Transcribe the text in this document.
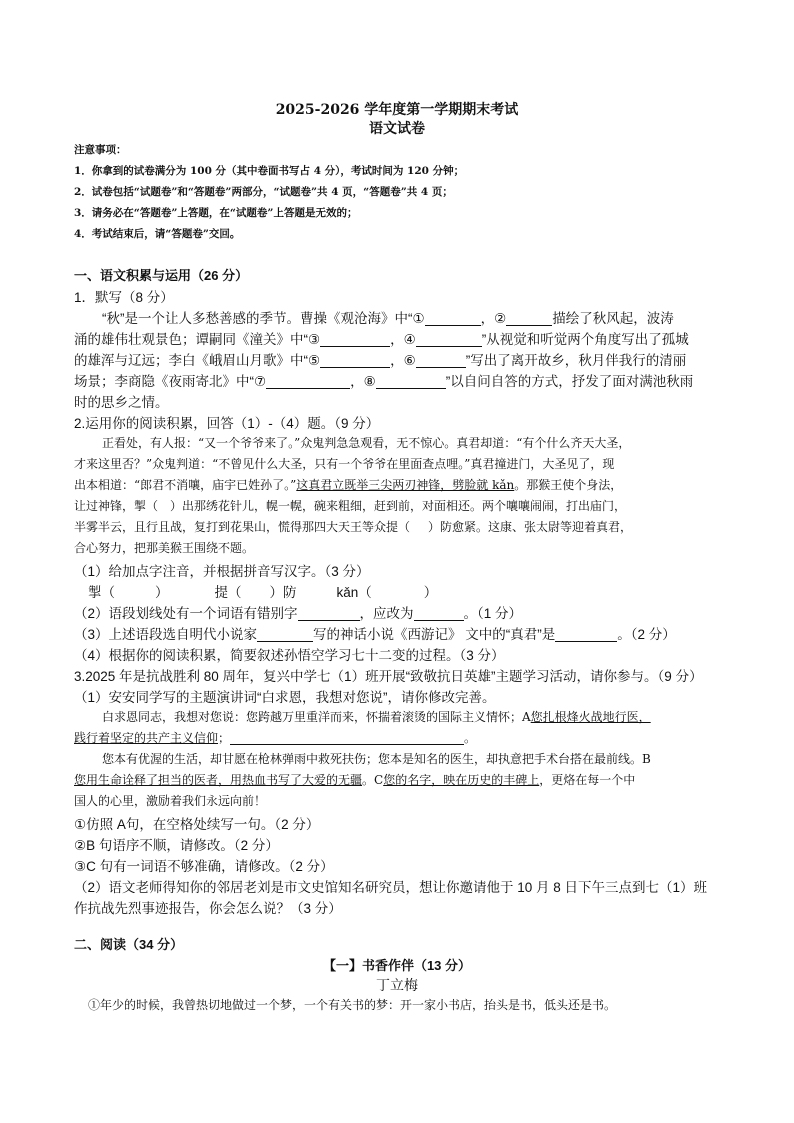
2025-2026 学年度第一学期期末考试
语文试卷
注意事项：
1．你拿到的试卷满分为 100 分（其中卷面书写占 4 分），考试时间为 120 分钟；
2．试卷包括“试题卷”和“答题卷”两部分，“试题卷”共 4 页，“答题卷”共 4 页；
3．请务必在“答题卷”上答题，在“试题卷”上答题是无效的；
4．考试结束后，请“答题卷”交回。
一、语文积累与运用（26 分）
1．默写（8 分）
“秋”是一个让人多愁善感的季节。曹操《观沧海》中“①	，②	描绘了秋风起，波涛
涌的雄伟壮观景色；谭嗣同《潼关》中“③	，④	”从视觉和听觉两个角度写出了孤城
的雄浑与辽远；李白《峨眉山月歌》中“⑤	，⑥	”写出了离开故乡，秋月伴我行的清丽
场景；李商隐《夜雨寄北》中“⑦	，⑧	”以自问自答的方式，抒发了面对满池秋雨
时的思乡之情。
2.运用你的阅读积累，回答（1）-（4）题。（9 分）
正看处，有人报：“又一个爷爷来了。”众鬼判急急观看，无不惊心。真君却道：“有个什么齐天大圣，
才来这里否？”众鬼判道：“不曾见什么大圣，只有一个爷爷在里面查点哩。”真君撞进门，大圣见了，现
出本相道：“郎君不消嚷，庙宇已姓孙了。”这真君立既举三尖两刃神锋，劈脸就 kǎn。那猴王使个身法，
让过神锋，掣（ ）出那绣花针儿，幌一幌，碗来粗细，赶到前，对面相还。两个嚷嚷闹闹，打出庙门，
半雾半云，且行且战，复打到花果山，慌得那四大天王等众提（ ）防愈紧。这康、张太尉等迎着真君，
合心努力，把那美猴王围绕不题。
（1）给加点字注音，并根据拼音写汉字。（3 分）
掣（	）	提（ ）防	kǎn（	）
（2）语段划线处有一个词语有错别字	，应改为	。（1 分）
（3）上述语段选自明代小说家	写的神话小说《西游记》 文中的“真君”是	。（2 分）
（4）根据你的阅读积累，简要叙述孙悟空学习七十二变的过程。（3 分）
3.2025 年是抗战胜利 80 周年，复兴中学七（1）班开展“致敬抗日英雄”主题学习活动，请你参与。（9 分）
（1）安安同学写的主题演讲词“白求恩，我想对您说”，请你修改完善。
白求恩同志，我想对您说：您跨越万里重洋而来，怀揣着滚烫的国际主义情怀；A您扎根烽火战地行医，
践行着坚定的共产主义信仰；	。
您本有优渥的生活，却甘愿在枪林弹雨中救死扶伤；您本是知名的医生，却执意把手术台搭在最前线。B
您用生命诠释了担当的医者，用热血书写了大爱的无疆。C您的名字，映在历史的丰碑上，更烙在每一个中
国人的心里，激励着我们永远向前！
①仿照 A句，在空格处续写一句。（2 分）
②B 句语序不顺，请修改。（2 分）
③C 句有一词语不够准确，请修改。（2 分）
（2）语文老师得知你的邻居老刘是市文史馆知名研究员，想让你邀请他于 10 月 8 日下午三点到七（1）班
作抗战先烈事迹报告，你会怎么说？（3 分）
二、阅读（34 分）
【一】书香作伴（13 分）
丁立梅
①年少的时候，我曾热切地做过一个梦，一个有关书的梦：开一家小书店，抬头是书，低头还是书。
